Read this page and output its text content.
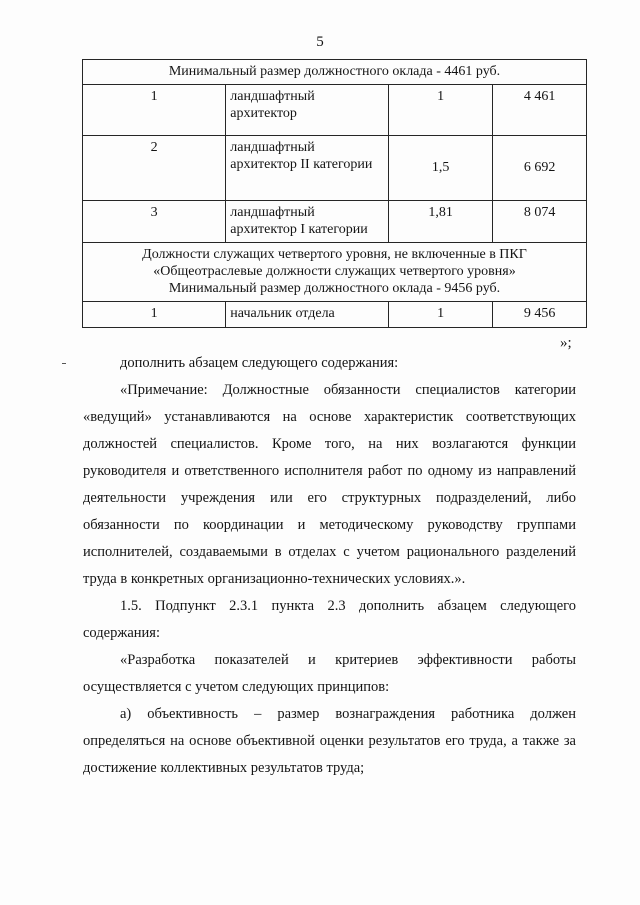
5
Минимальный размер должностного оклада - 4461 руб.			
1	ландшафтный архитектор	1	4 461
2	ландшафтный архитектор II категории	1,5	6 692
3	ландшафтный архитектор I категории	1,81	8 074

Должности служащих четвертого уровня, не включенные в ПКГ
«Общеотраслевые должности служащих четвертого уровня»
Минимальный размер должностного оклада - 9456 руб.			

1	начальник отдела	1	9 456
»;

дополнить абзацем следующего содержания:

«Примечание: Должностные обязанности специалистов категории «ведущий» устанавливаются на основе характеристик соответствующих должностей специалистов. Кроме того, на них возлагаются функции руководителя и ответственного исполнителя работ по одному из направлений деятельности учреждения или его структурных подразделений, либо обязанности по координации и методическому руководству группами исполнителей, создаваемыми в отделах с учетом рационального разделений труда в конкретных организационно-технических условиях.».

1.5. Подпункт 2.3.1 пункта 2.3 дополнить абзацем следующего содержания:

«Разработка показателей и критериев эффективности работы осуществляется с учетом следующих принципов:

а) объективность – размер вознаграждения работника должен определяться на основе объективной оценки результатов его труда, а также за достижение коллективных результатов труда;
